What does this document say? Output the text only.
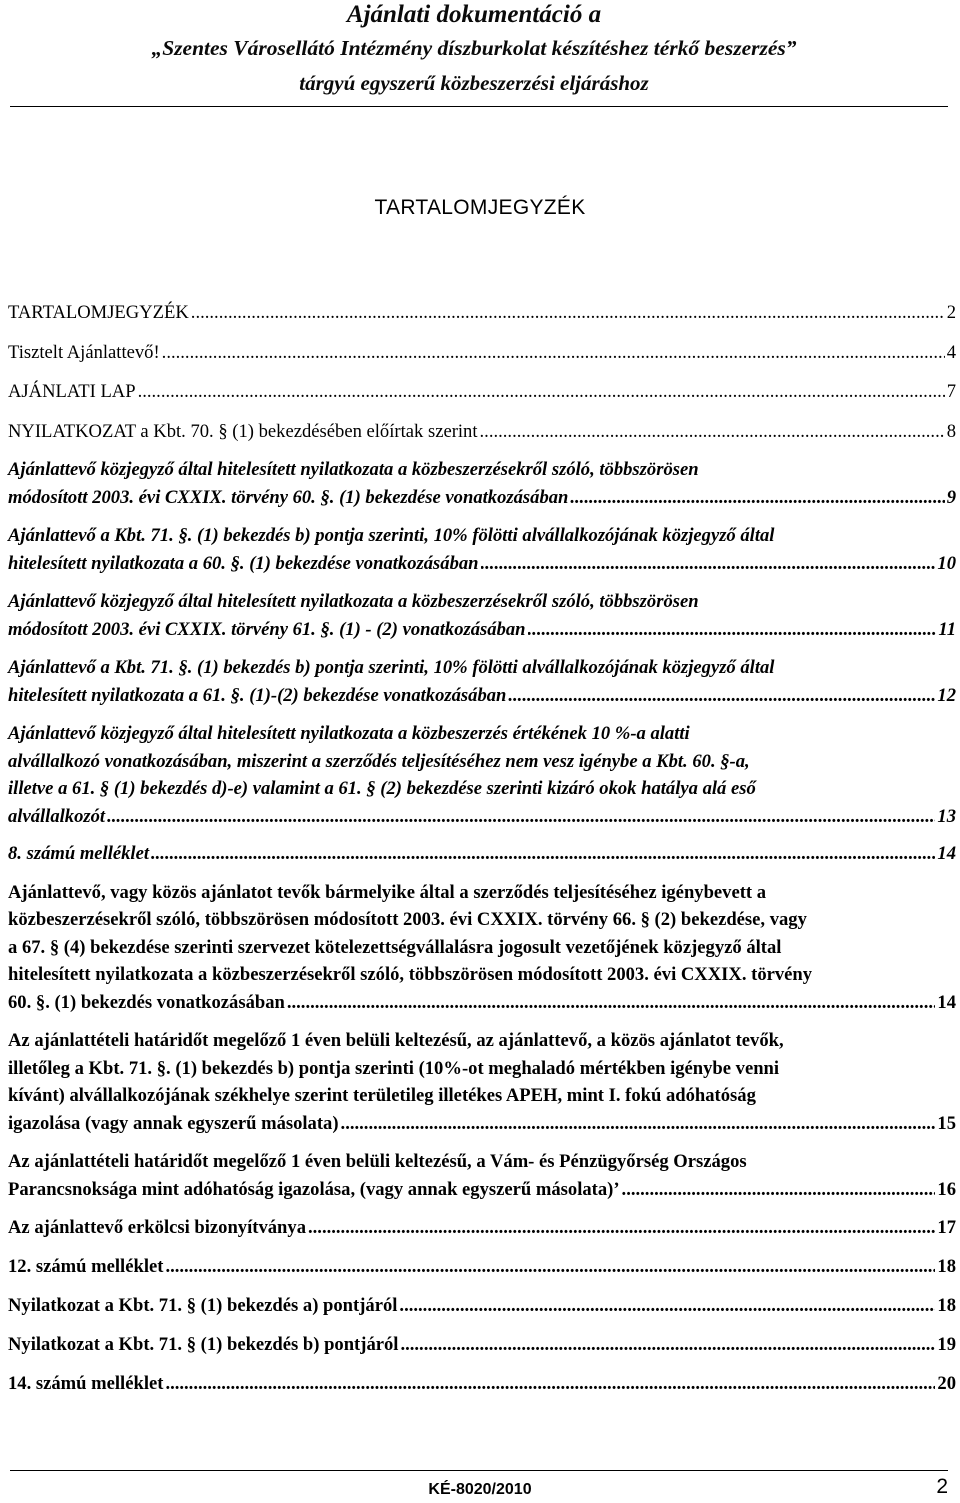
Ajánlati dokumentáció a
„Szentes Városellátó Intézmény díszburkolat készítéshez térkő beszerzés”
tárgyú egyszerű közbeszerzési eljáráshoz
TARTALOMJEGYZÉK
TARTALOMJEGYZÉK .....	2
Tisztelt Ajánlattevő! .....	4
AJÁNLATI LAP .....	7
NYILATKOZAT a Kbt. 70. § (1) bekezdésében előírtak szerint .....	8
Ajánlattevő közjegyző által hitelesített nyilatkozata a közbeszerzésekről szóló, többszörösen
módosított 2003. évi CXXIX. törvény 60. §. (1) bekezdése vonatkozásában .....	9
Ajánlattevő a Kbt. 71. §. (1) bekezdés b) pontja szerinti, 10% fölötti alvállalkozójának közjegyző által
hitelesített nyilatkozata a 60. §. (1) bekezdése vonatkozásában .....	10
Ajánlattevő közjegyző által hitelesített nyilatkozata a közbeszerzésekről szóló, többszörösen
módosított 2003. évi CXXIX. törvény 61. §. (1) - (2) vonatkozásában .....	11
Ajánlattevő a Kbt. 71. §. (1) bekezdés b) pontja szerinti, 10% fölötti alvállalkozójának közjegyző által
hitelesített nyilatkozata a 61. §. (1)-(2) bekezdése vonatkozásában .....	12
Ajánlattevő közjegyző által hitelesített nyilatkozata a közbeszerzés értékének 10 %-a alatti
alvállalkozó vonatkozásában, miszerint a szerződés teljesítéséhez nem vesz igénybe a Kbt. 60. §-a,
illetve a 61. § (1) bekezdés d)-e) valamint a 61. § (2) bekezdése szerinti kizáró okok hatálya alá eső
alvállalkozót .....	13
8. számú melléklet .....	14
Ajánlattevő, vagy közös ajánlatot tevők bármelyike által a szerződés teljesítéséhez igénybevett a
közbeszerzésekről szóló, többszörösen módosított 2003. évi CXXIX. törvény 66. § (2) bekezdése, vagy
a 67. § (4) bekezdése szerinti szervezet kötelezettségvállalásra jogosult vezetőjének közjegyző által
hitelesített nyilatkozata a közbeszerzésekről szóló, többszörösen módosított 2003. évi CXXIX. törvény
60. §. (1) bekezdés vonatkozásában .....	14
Az ajánlattételi határidőt megelőző 1 éven belüli keltezésű, az ajánlattevő, a közös ajánlatot tevők,
illetőleg a Kbt. 71. §. (1) bekezdés b) pontja szerinti (10%-ot meghaladó mértékben igénybe venni
kívánt) alvállalkozójának székhelye szerint területileg illetékes APEH, mint I. fokú adóhatóság
igazolása (vagy annak egyszerű másolata) .....	15
Az ajánlattételi határidőt megelőző 1 éven belüli keltezésű, a Vám- és Pénzügyőrség Országos
Parancsnoksága mint adóhatóság igazolása, (vagy annak egyszerű másolata)’ .....	16
Az ajánlattevő erkölcsi bizonyítványa .....	17
12. számú melléklet .....	18
Nyilatkozat a Kbt. 71. § (1) bekezdés a) pontjáról .....	18
Nyilatkozat a Kbt. 71. § (1) bekezdés b) pontjáról .....	19
14. számú melléklet .....	20
KÉ-8020/2010	2
